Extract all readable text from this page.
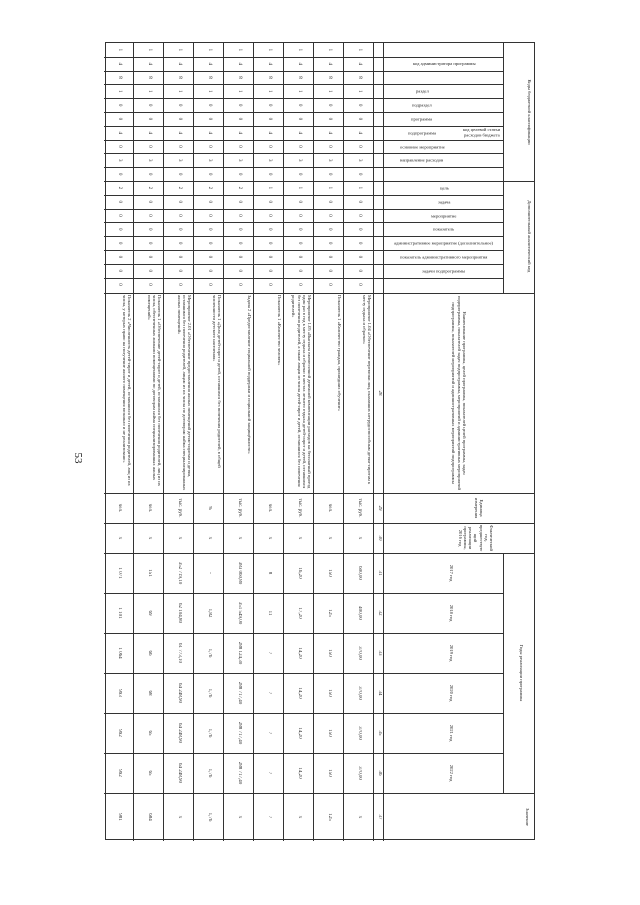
53
Коды бюджетной классификации
Дополнительный аналитический код
код администратора программы
код целевой статьи расходов бюджета
раздел
подраздел
программа
подпрограмма
основное мероприятие
направление расходов
цель
задача
мероприятие
показатель
административное мероприятие (дополнительное)
показатель административного мероприятия
задачи подпрограммы
Наименование программы, целей программы, показателей целей программы, задач подпрограммы, показателей задач подпрограммы, мероприятий и административных мероприятий подпрограммы, показателей мероприятий и административных мероприятий подпрограммы
Единица измерения
Фактический год, предшествующий реализации программы, 2016 год
Годы реализации программы
2017 год
2018 год
2019 год
2020 год
2021 год
2022 год
Значение
28
29
30
31
32
33
34
35
36
37
Мероприятие 1.04 «Обеспечение перевозки лиц, оказавших нетрудоспособным детям-сиротам к месту отдыха и обратно»
тыс. руб.
х
600,00
400,00
370,00
370,00
370,00
370,00
х
1
4
8
1
0
0
4
0
3
0
1
0
0
0
0
0
0
0
Показатель 1 «Количество граждан, прошедших обучение»
чел.
х
150
125
150
150
150
150
125
1
4
8
1
0
0
4
0
3
0
1
0
0
0
0
0
0
0
Мероприятие 1.05 «Выплата ежемесячной денежной компенсации расходов на бесплатный проезд один раз в год к месту отдыха и обратно в местах летнего отдыха детей-сирот и детей, оставшихся без попечения родителей, а также лицам из числа детей-сирот и детей, оставшихся без попечения родителей»
тыс. руб.
х
16,20
17,20
14,20
14,20
14,20
14,20
х
1
4
8
1
0
0
4
0
3
0
1
0
0
0
0
0
0
0
Показатель 1 «Количество человек»
чел.
х
8
11
7
7
7
7
7
1
4
8
1
0
0
4
0
3
0
1
0
0
0
0
0
0
0
Задача 2 «Предоставление социальной поддержки и социальной защищённости»
тыс. руб.
х
383 060,80
351 549,00
288 124,30
288 717,40
288 717,40
288 717,40
х
1
4
8
1
0
0
4
0
3
0
2
0
0
0
0
0
0
0
Показатель 1 «Доля детей-сирот и детей, оставшихся без попечения родителей, в общей численности детского населения»
%
х
-
1,82
1,76
1,76
1,76
1,76
1,76
1
4
8
1
0
0
4
0
3
0
2
0
0
0
0
0
0
0
Мероприятие 2.01 «Обеспечение предоставления жилых помещений детям-сиротам и детям, оставшимся без попечения родителей, лицам из их числа по договорам найма специализированных жилых помещений»
тыс. руб.
х
352 719,10
62 104,80
61 773,10
64 248,90
64 248,90
64 248,90
х
1
4
8
1
0
0
4
0
3
0
2
0
0
0
0
0
0
0
Показатель 1 «Обеспечение детей-сирот и детей, оставшихся без попечения родителей, лиц из их числа, обеспеченных жилыми помещениями по договорам найма специализированных жилых помещений»
чел.
х
151
69
66
68
65
65
684
1
4
8
1
0
0
4
0
3
0
2
0
0
0
0
0
0
0
Показатель 2 «Численность детей-сирот и детей, оставшихся без попечения родителей, лиц из их числа, у которых право на получение жилого помещения возникло и не реализовано»
чел.
х
1 071
1 101
1 064
993
992
992
981
1
4
8
1
0
0
4
0
3
0
2
0
0
0
0
0
0
0
